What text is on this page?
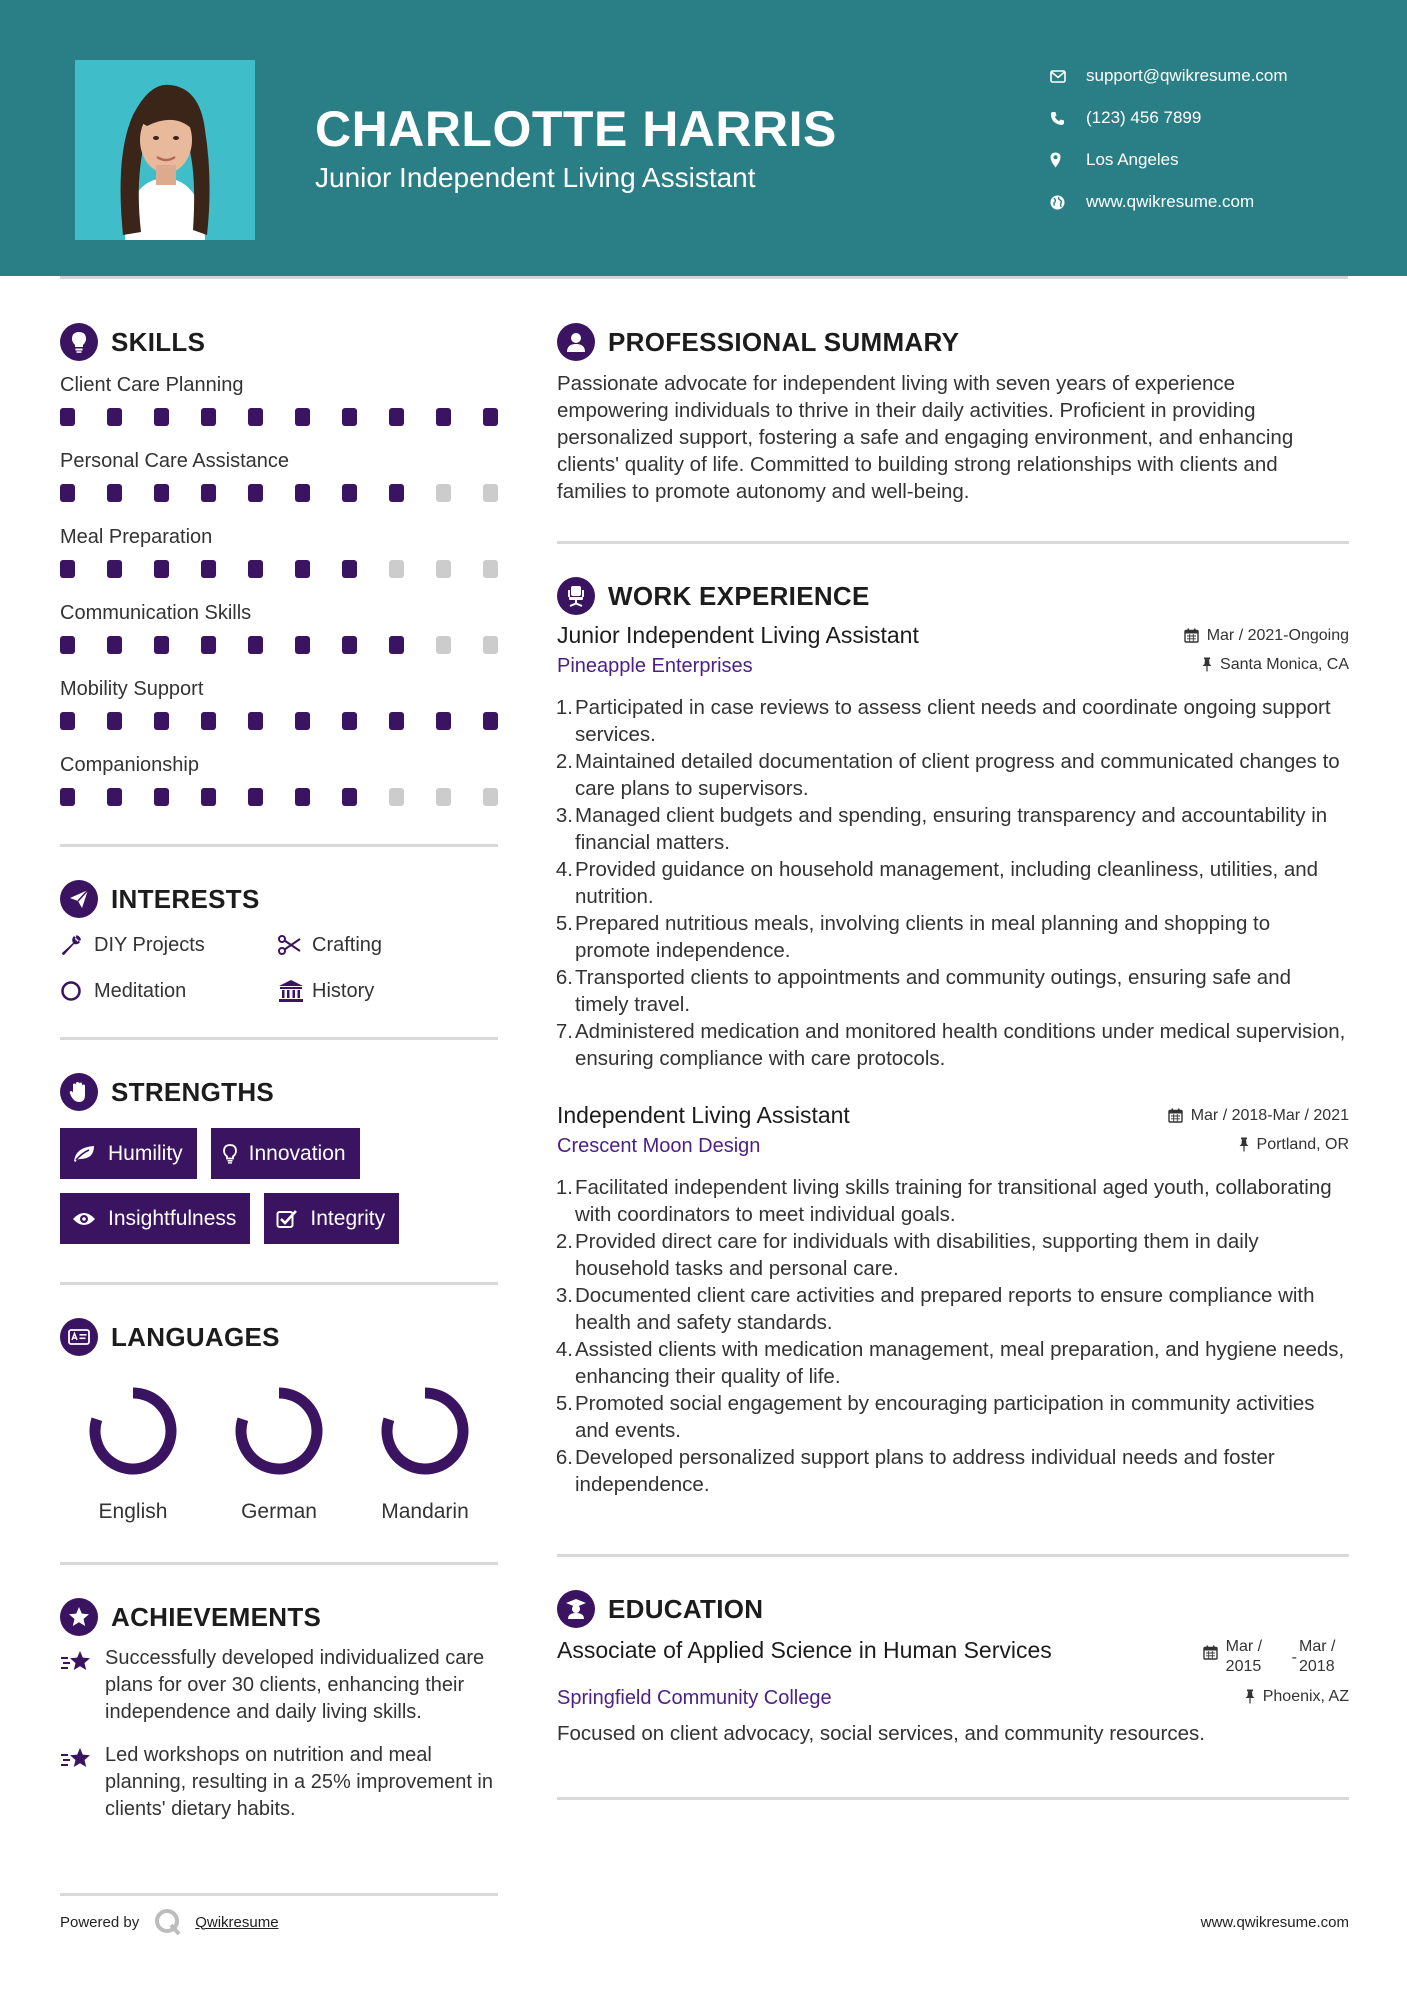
CHARLOTTE HARRIS
Junior Independent Living Assistant
support@qwikresume.com
(123) 456 7899
Los Angeles
www.qwikresume.com
SKILLS
Client Care Planning
Personal Care Assistance
Meal Preparation
Communication Skills
Mobility Support
Companionship
INTERESTS
DIY Projects	Crafting
Meditation	History
STRENGTHS
Humility	Innovation
Insightfulness	Integrity
LANGUAGES
English	German	Mandarin
ACHIEVEMENTS
Successfully developed individualized care plans for over 30 clients, enhancing their independence and daily living skills.
Led workshops on nutrition and meal planning, resulting in a 25% improvement in clients' dietary habits.
PROFESSIONAL SUMMARY

Passionate advocate for independent living with seven years of experience empowering individuals to thrive in their daily activities. Proficient in providing personalized support, fostering a safe and engaging environment, and enhancing clients' quality of life. Committed to building strong relationships with clients and families to promote autonomy and well-being.

WORK EXPERIENCE
Junior Independent Living Assistant	Mar / 2021-Ongoing
Pineapple Enterprises	Santa Monica, CA
Participated in case reviews to assess client needs and coordinate ongoing support services.
Maintained detailed documentation of client progress and communicated changes to care plans to supervisors.
Managed client budgets and spending, ensuring transparency and accountability in financial matters.
Provided guidance on household management, including cleanliness, utilities, and nutrition.
Prepared nutritious meals, involving clients in meal planning and shopping to promote independence.
Transported clients to appointments and community outings, ensuring safe and timely travel.
Administered medication and monitored health conditions under medical supervision, ensuring compliance with care protocols.
Independent Living Assistant	Mar / 2018-Mar / 2021
Crescent Moon Design	Portland, OR
Facilitated independent living skills training for transitional aged youth, collaborating with coordinators to meet individual goals.
Provided direct care for individuals with disabilities, supporting them in daily household tasks and personal care.
Documented client care activities and prepared reports to ensure compliance with health and safety standards.
Assisted clients with medication management, meal preparation, and hygiene needs, enhancing their quality of life.
Promoted social engagement by encouraging participation in community activities and events.
Developed personalized support plans to address individual needs and foster independence.
EDUCATION
Associate of Applied Science in Human Services	Mar / 2015
-
Mar / 2018
Springfield Community College	Phoenix, AZ

Focused on client advocacy, social services, and community resources.

Powered by	Qwikresume	www.qwikresume.com
